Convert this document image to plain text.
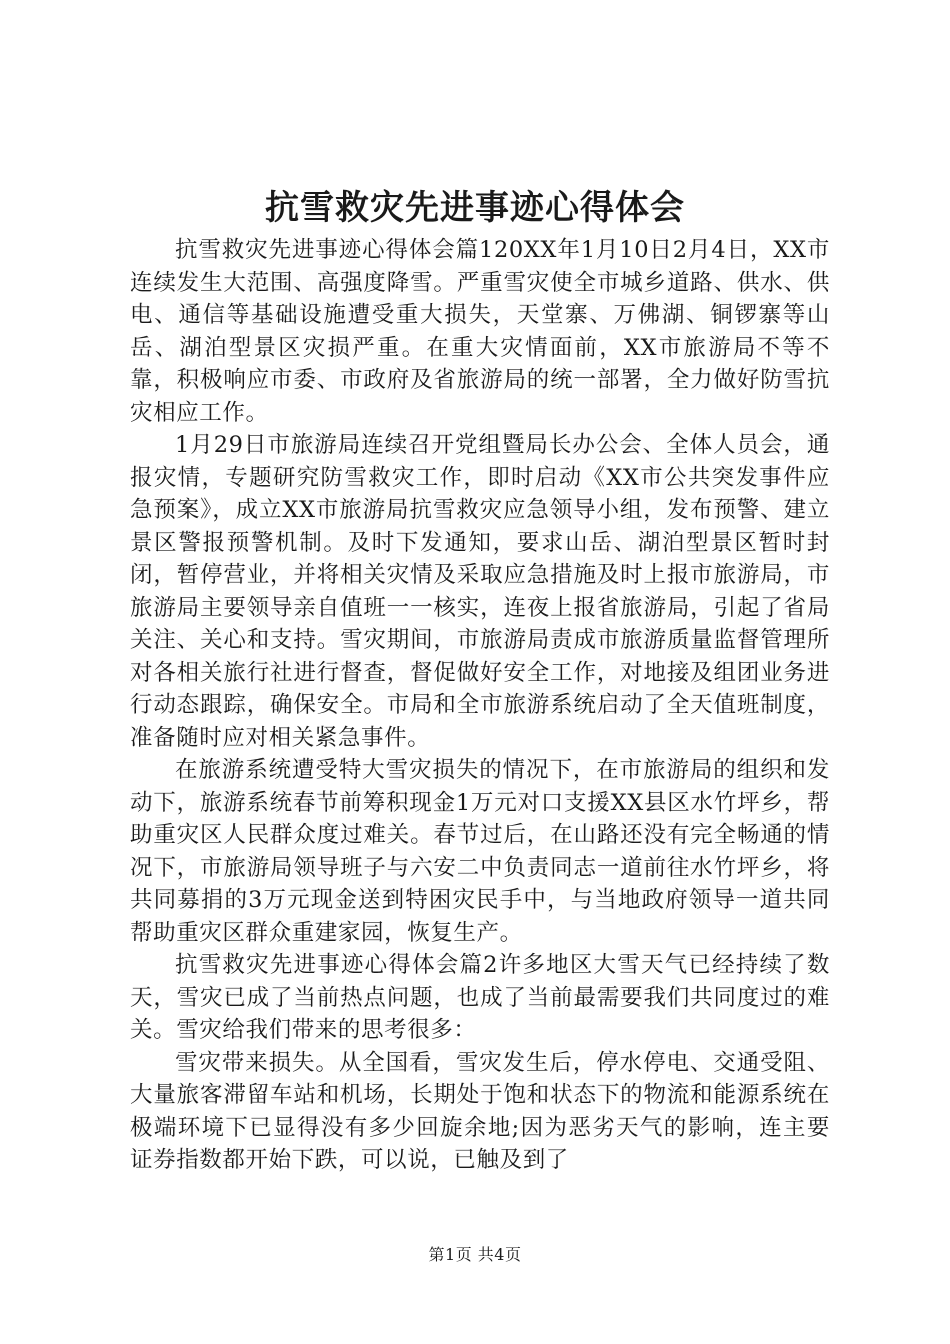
抗雪救灾先进事迹心得体会

抗雪救灾先进事迹心得体会篇120XX年1月10日2月4日，XX市连续发生大范围、高强度降雪。严重雪灾使全市城乡道路、供水、供电、通信等基础设施遭受重大损失，天堂寨、万佛湖、铜锣寨等山岳、湖泊型景区灾损严重。在重大灾情面前，XX市旅游局不等不靠，积极响应市委、市政府及省旅游局的统一部署，全力做好防雪抗灾相应工作。

1月29日市旅游局连续召开党组暨局长办公会、全体人员会，通报灾情，专题研究防雪救灾工作，即时启动《XX市公共突发事件应急预案》，成立XX市旅游局抗雪救灾应急领导小组，发布预警、建立景区警报预警机制。及时下发通知，要求山岳、湖泊型景区暂时封闭，暂停营业，并将相关灾情及采取应急措施及时上报市旅游局，市旅游局主要领导亲自值班一一核实，连夜上报省旅游局，引起了省局关注、关心和支持。雪灾期间，市旅游局责成市旅游质量监督管理所对各相关旅行社进行督查，督促做好安全工作，对地接及组团业务进行动态跟踪，确保安全。市局和全市旅游系统启动了全天值班制度，准备随时应对相关紧急事件。

在旅游系统遭受特大雪灾损失的情况下，在市旅游局的组织和发动下，旅游系统春节前筹积现金1万元对口支援XX县区水竹坪乡，帮助重灾区人民群众度过难关。春节过后，在山路还没有完全畅通的情况下，市旅游局领导班子与六安二中负责同志一道前往水竹坪乡，将共同募捐的3万元现金送到特困灾民手中，与当地政府领导一道共同帮助重灾区群众重建家园，恢复生产。

抗雪救灾先进事迹心得体会篇2许多地区大雪天气已经持续了数天，雪灾已成了当前热点问题，也成了当前最需要我们共同度过的难关。雪灾给我们带来的思考很多：

雪灾带来损失。从全国看，雪灾发生后，停水停电、交通受阻、大量旅客滞留车站和机场，长期处于饱和状态下的物流和能源系统在极端环境下已显得没有多少回旋余地;因为恶劣天气的影响，连主要证券指数都开始下跌，可以说，已触及到了

第1页 共4页
